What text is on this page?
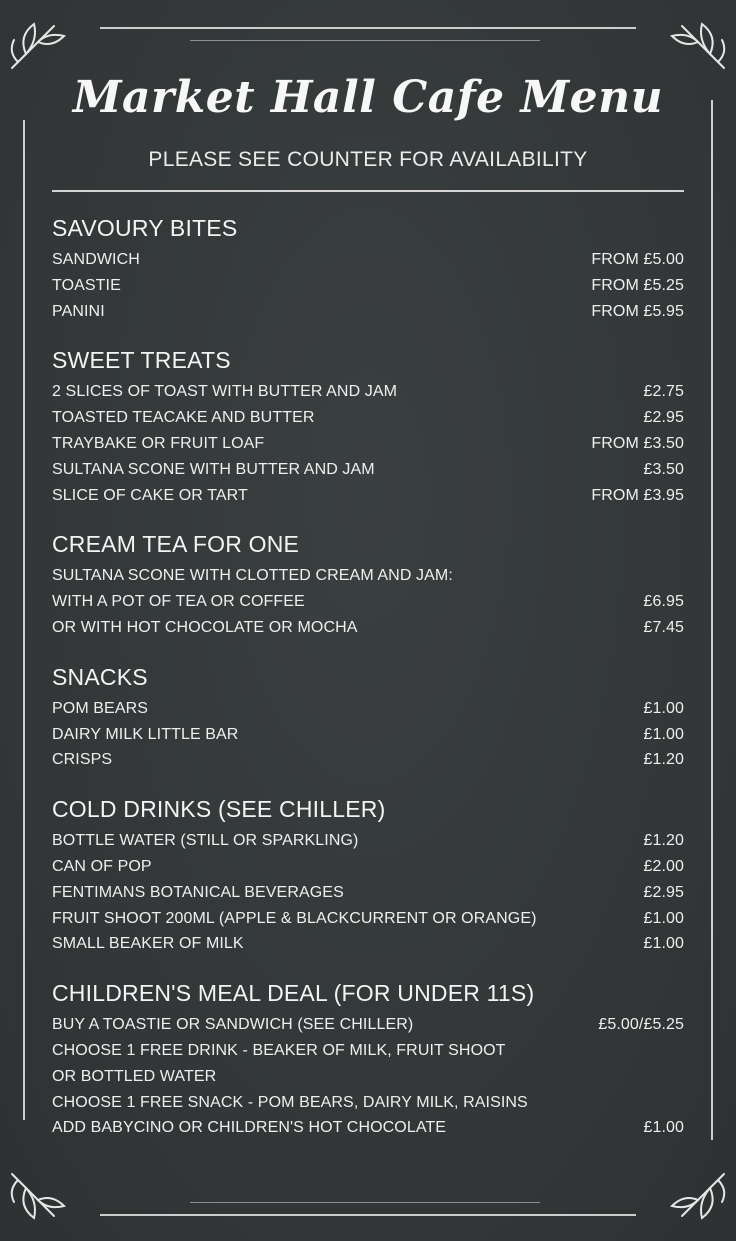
Market Hall Cafe Menu
PLEASE SEE COUNTER FOR AVAILABILITY
SAVOURY BITES
SANDWICH	FROM £5.00
TOASTIE	FROM £5.25
PANINI	FROM £5.95
SWEET TREATS
2 SLICES OF TOAST WITH BUTTER AND JAM	£2.75
TOASTED TEACAKE AND BUTTER	£2.95
TRAYBAKE OR FRUIT LOAF	FROM £3.50
SULTANA SCONE WITH BUTTER AND JAM	£3.50
SLICE OF CAKE OR TART	FROM £3.95
CREAM TEA FOR ONE
SULTANA SCONE WITH CLOTTED CREAM AND JAM:
WITH A POT OF TEA OR COFFEE	£6.95
OR WITH HOT CHOCOLATE OR MOCHA	£7.45
SNACKS
POM BEARS	£1.00
DAIRY MILK LITTLE BAR	£1.00
CRISPS	£1.20
COLD DRINKS (SEE CHILLER)
BOTTLE WATER (STILL OR SPARKLING)	£1.20
CAN OF POP	£2.00
FENTIMANS BOTANICAL BEVERAGES	£2.95
FRUIT SHOOT 200ML (APPLE & BLACKCURRENT OR ORANGE)	£1.00
SMALL BEAKER OF MILK	£1.00
CHILDREN'S MEAL DEAL (FOR UNDER 11S)
BUY A TOASTIE OR SANDWICH (SEE CHILLER)	£5.00/£5.25
CHOOSE 1 FREE DRINK - BEAKER OF MILK, FRUIT SHOOT
OR BOTTLED WATER
CHOOSE 1 FREE SNACK - POM BEARS, DAIRY MILK, RAISINS
ADD BABYCINO OR CHILDREN'S HOT CHOCOLATE	£1.00
